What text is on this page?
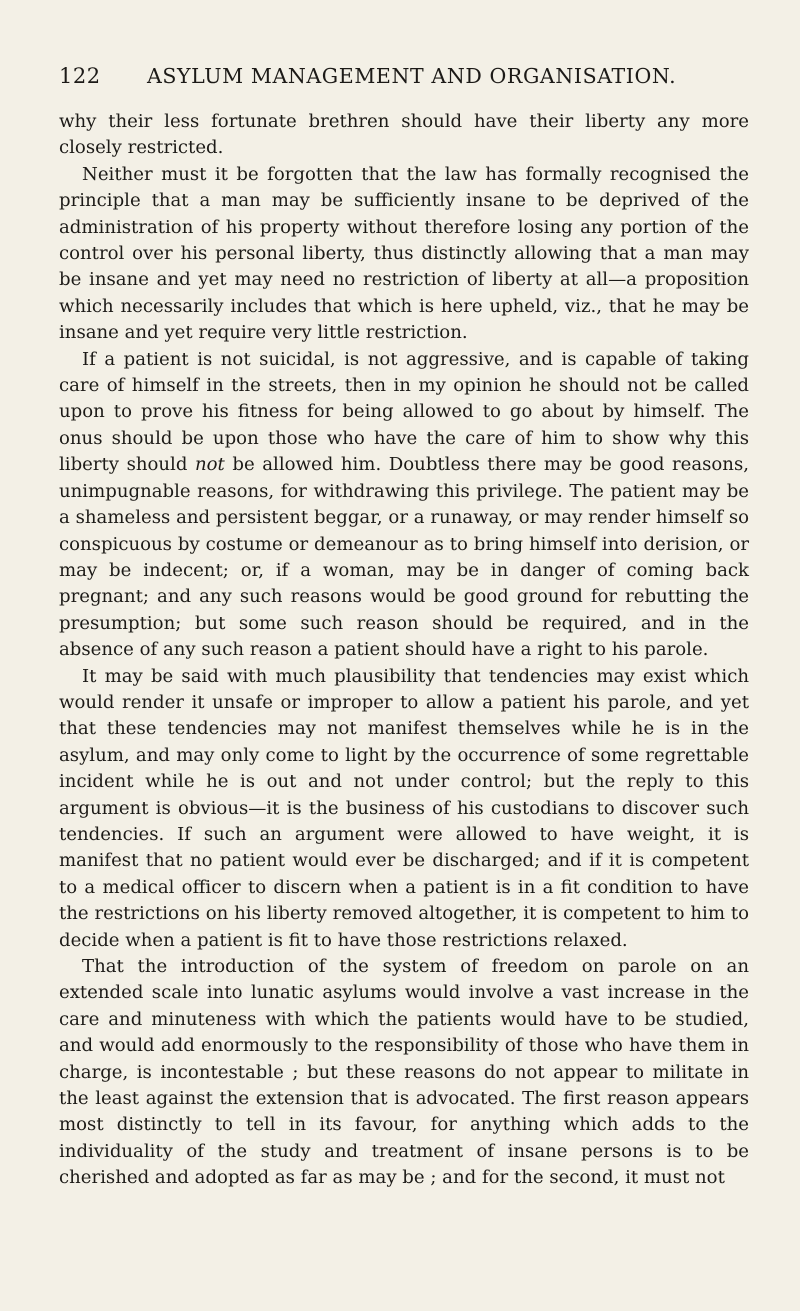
122 ASYLUM MANAGEMENT AND ORGANISATION.

why their less fortunate brethren should have their liberty any more closely restricted.

Neither must it be forgotten that the law has formally recognised the principle that a man may be sufficiently insane to be deprived of the administration of his property without therefore losing any portion of the control over his personal liberty, thus distinctly allowing that a man may be insane and yet may need no restriction of liberty at all—a proposition which necessarily includes that which is here upheld, viz., that he may be insane and yet require very little restriction.

If a patient is not suicidal, is not aggressive, and is capable of taking care of himself in the streets, then in my opinion he should not be called upon to prove his fitness for being allowed to go about by himself. The onus should be upon those who have the care of him to show why this liberty should not be allowed him. Doubtless there may be good reasons, unimpugnable reasons, for withdrawing this privilege. The patient may be a shameless and persistent beggar, or a runaway, or may render himself so conspicuous by costume or demeanour as to bring himself into derision, or may be indecent; or, if a woman, may be in danger of coming back pregnant; and any such reasons would be good ground for rebutting the presumption; but some such reason should be required, and in the absence of any such reason a patient should have a right to his parole.

It may be said with much plausibility that tendencies may exist which would render it unsafe or improper to allow a patient his parole, and yet that these tendencies may not manifest themselves while he is in the asylum, and may only come to light by the occurrence of some regrettable incident while he is out and not under control; but the reply to this argument is obvious—it is the business of his custodians to discover such tendencies. If such an argument were allowed to have weight, it is manifest that no patient would ever be discharged; and if it is competent to a medical officer to discern when a patient is in a fit condition to have the restrictions on his liberty removed altogether, it is competent to him to decide when a patient is fit to have those restrictions relaxed.

That the introduction of the system of freedom on parole on an extended scale into lunatic asylums would involve a vast increase in the care and minuteness with which the patients would have to be studied, and would add enormously to the responsibility of those who have them in charge, is incontestable ; but these reasons do not appear to militate in the least against the extension that is advocated. The first reason appears most distinctly to tell in its favour, for anything which adds to the individuality of the study and treatment of insane persons is to be cherished and adopted as far as may be ; and for the second, it must not
